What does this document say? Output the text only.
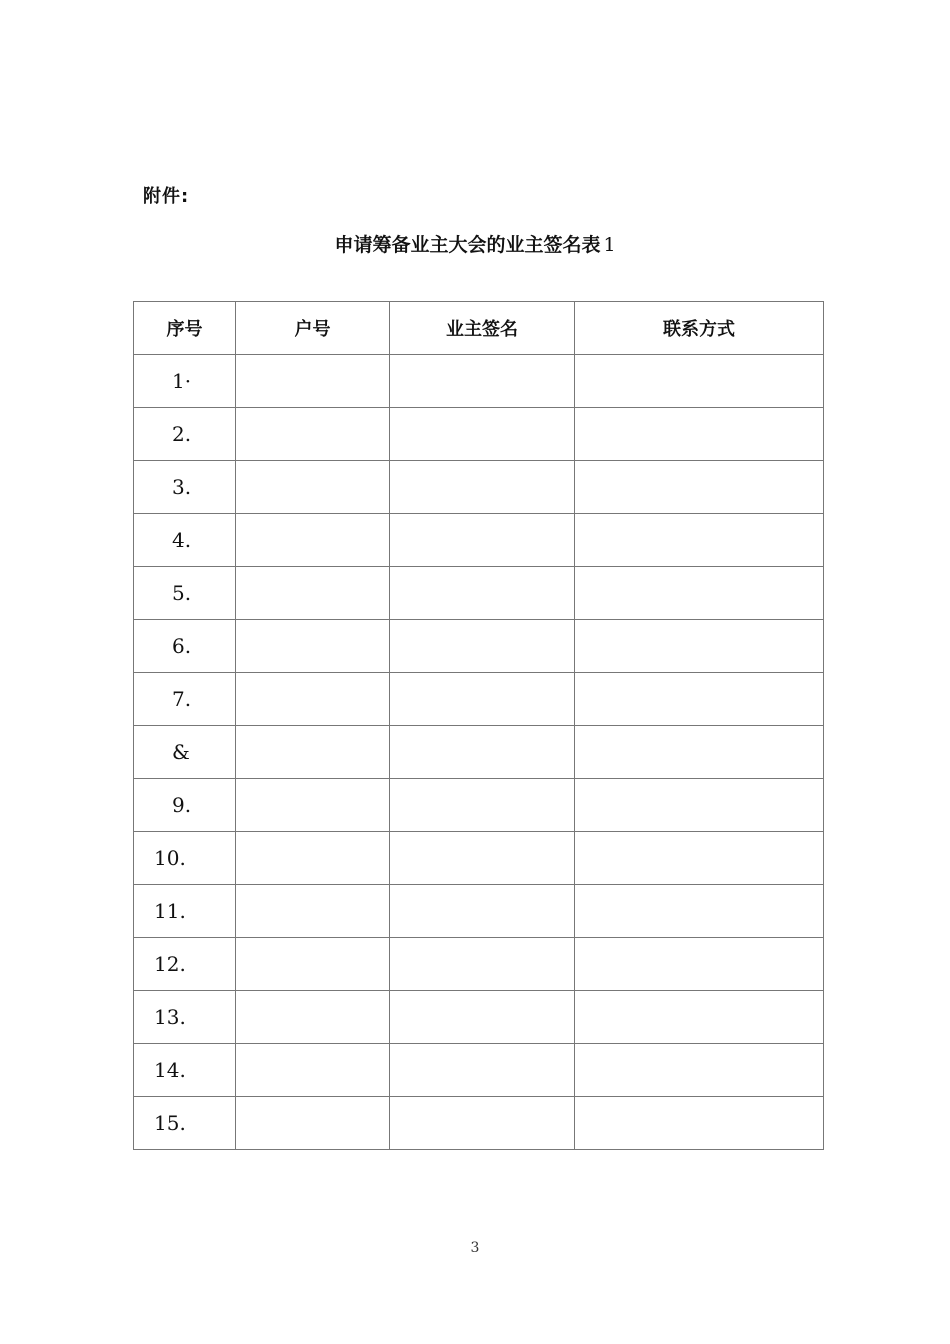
附件:
申请筹备业主大会的业主签名表 1
序号	户号	业主签名	联系方式
1·			
2.			
3.			
4.			
5.			
6.			
7.			
&			
9.			
10.			
11.			
12.			
13.			
14.			
15.			
3
